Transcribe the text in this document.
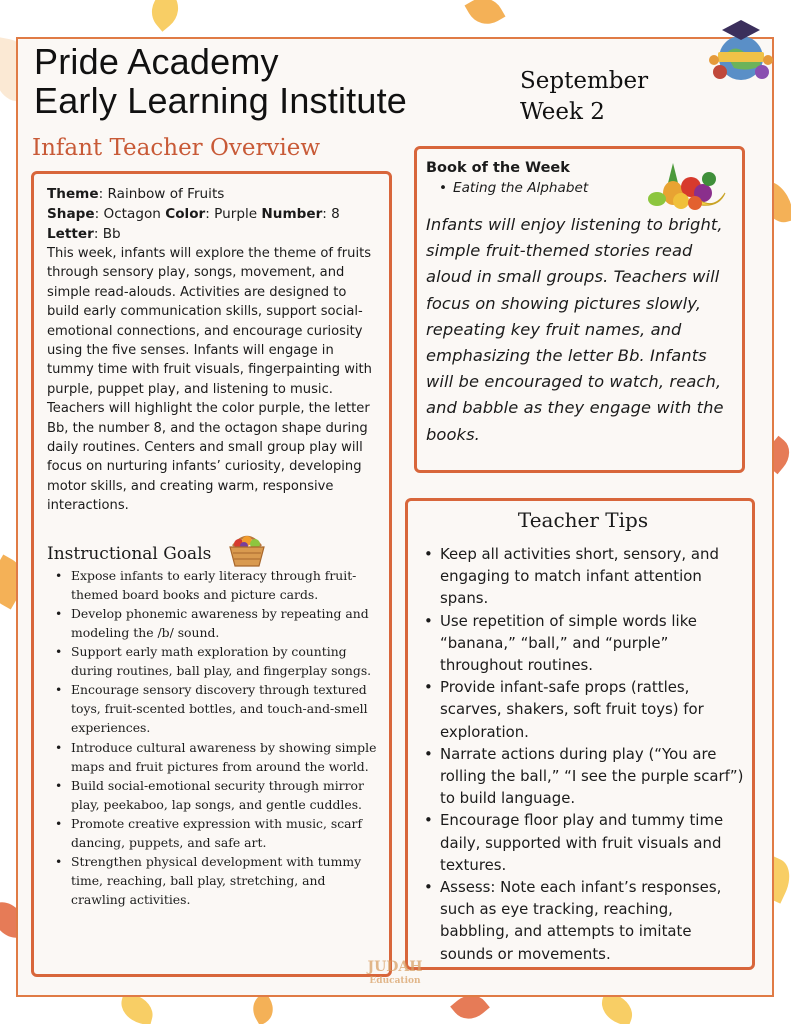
Pride Academy
Early Learning Institute	September
Week 2
Infant Teacher Overview
Theme: Rainbow of Fruits
Shape: Octagon Color: Purple Number: 8
Letter: Bb

This week, infants will explore the theme of fruits through sensory play, songs, movement, and simple read-alouds. Activities are designed to build early communication skills, support social-emotional connections, and encourage curiosity using the five senses. Infants will engage in tummy time with fruit visuals, fingerpainting with purple, puppet play, and listening to music. Teachers will highlight the color purple, the letter Bb, the number 8, and the octagon shape during daily routines. Centers and small group play will focus on nurturing infants’ curiosity, developing motor skills, and creating warm, responsive interactions.

Instructional Goals
• Expose infants to early literacy through fruit-themed board books and picture cards.
• Develop phonemic awareness by repeating and modeling the /b/ sound.
• Support early math exploration by counting during routines, ball play, and fingerplay songs.
• Encourage sensory discovery through textured toys, fruit-scented bottles, and touch-and-smell experiences.
• Introduce cultural awareness by showing simple maps and fruit pictures from around the world.
• Build social-emotional security through mirror play, peekaboo, lap songs, and gentle cuddles.
• Promote creative expression with music, scarf dancing, puppets, and safe art.
• Strengthen physical development with tummy time, reaching, ball play, stretching, and crawling activities.
Book of the Week
• Eating the Alphabet

Infants will enjoy listening to bright, simple fruit-themed stories read aloud in small groups. Teachers will focus on showing pictures slowly, repeating key fruit names, and emphasizing the letter Bb. Infants will be encouraged to watch, reach, and babble as they engage with the books.

Teacher Tips
• Keep all activities short, sensory, and engaging to match infant attention spans.
• Use repetition of simple words like “banana,” “ball,” and “purple” throughout routines.
• Provide infant-safe props (rattles, scarves, shakers, soft fruit toys) for exploration.
• Narrate actions during play (“You are rolling the ball,” “I see the purple scarf”) to build language.
• Encourage floor play and tummy time daily, supported with fruit visuals and textures.
• Assess: Note each infant’s responses, such as eye tracking, reaching, babbling, and attempts to imitate sounds or movements.
JUDAH
Education
